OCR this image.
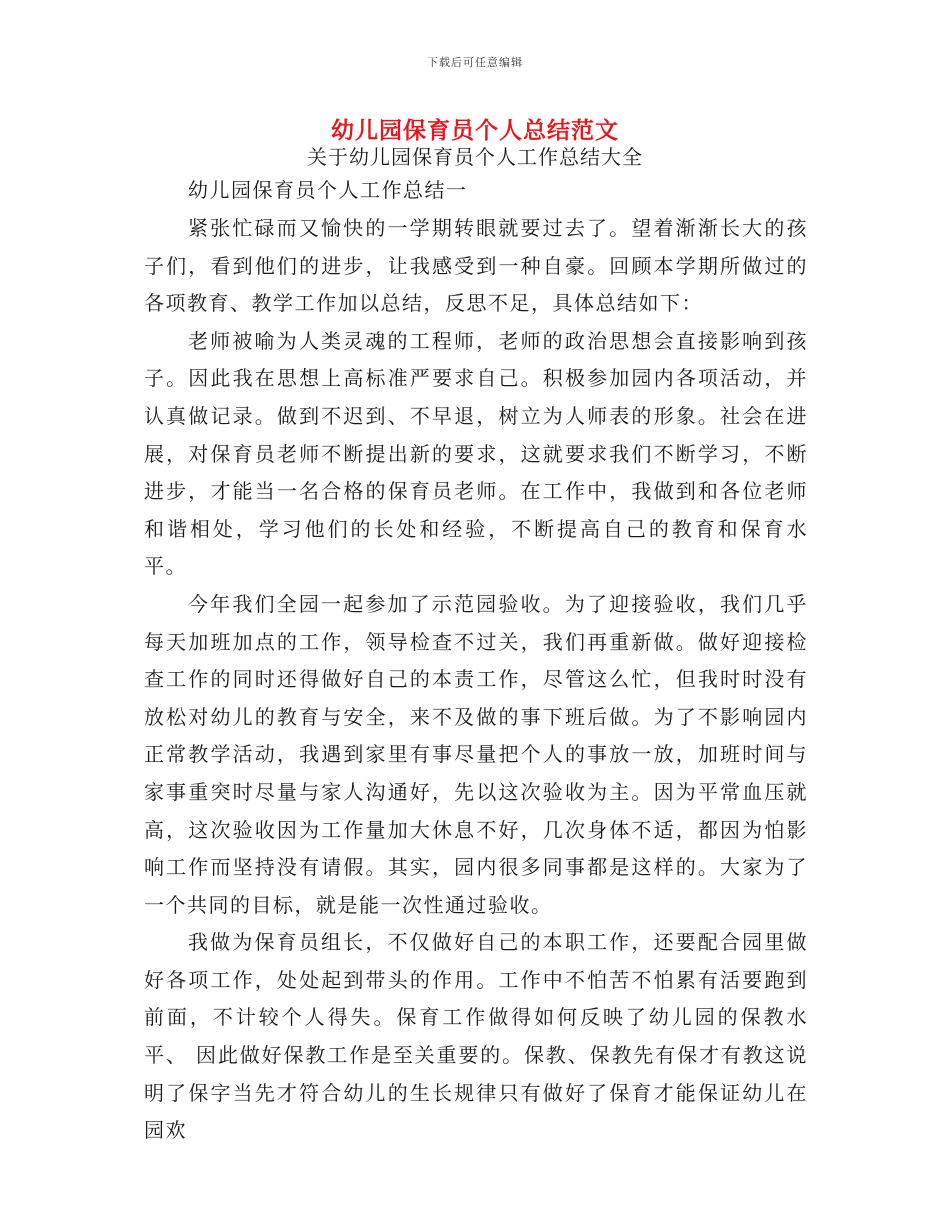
下载后可任意编辑
幼儿园保育员个人总结范文
关于幼儿园保育员个人工作总结大全

幼儿园保育员个人工作总结一

紧张忙碌而又愉快的一学期转眼就要过去了。望着渐渐长大的孩子们，看到他们的进步，让我感受到一种自豪。回顾本学期所做过的各项教育、教学工作加以总结，反思不足，具体总结如下：

老师被喻为人类灵魂的工程师，老师的政治思想会直接影响到孩子。因此我在思想上高标准严要求自己。积极参加园内各项活动，并认真做记录。做到不迟到、不早退，树立为人师表的形象。社会在进展，对保育员老师不断提出新的要求，这就要求我们不断学习，不断进步，才能当一名合格的保育员老师。在工作中，我做到和各位老师和谐相处，学习他们的长处和经验，不断提高自己的教育和保育水平。

今年我们全园一起参加了示范园验收。为了迎接验收，我们几乎每天加班加点的工作，领导检查不过关，我们再重新做。做好迎接检查工作的同时还得做好自己的本责工作，尽管这么忙，但我时时没有放松对幼儿的教育与安全，来不及做的事下班后做。为了不影响园内正常教学活动，我遇到家里有事尽量把个人的事放一放，加班时间与家事重突时尽量与家人沟通好，先以这次验收为主。因为平常血压就高，这次验收因为工作量加大休息不好，几次身体不适，都因为怕影响工作而坚持没有请假。其实，园内很多同事都是这样的。大家为了一个共同的目标，就是能一次性通过验收。

我做为保育员组长，不仅做好自己的本职工作，还要配合园里做好各项工作，处处起到带头的作用。工作中不怕苦不怕累有活要跑到前面，不计较个人得失。保育工作做得如何反映了幼儿园的保教水平、 因此做好保教工作是至关重要的。保教、保教先有保才有教这说明了保字当先才符合幼儿的生长规律只有做好了保育才能保证幼儿在园欢
